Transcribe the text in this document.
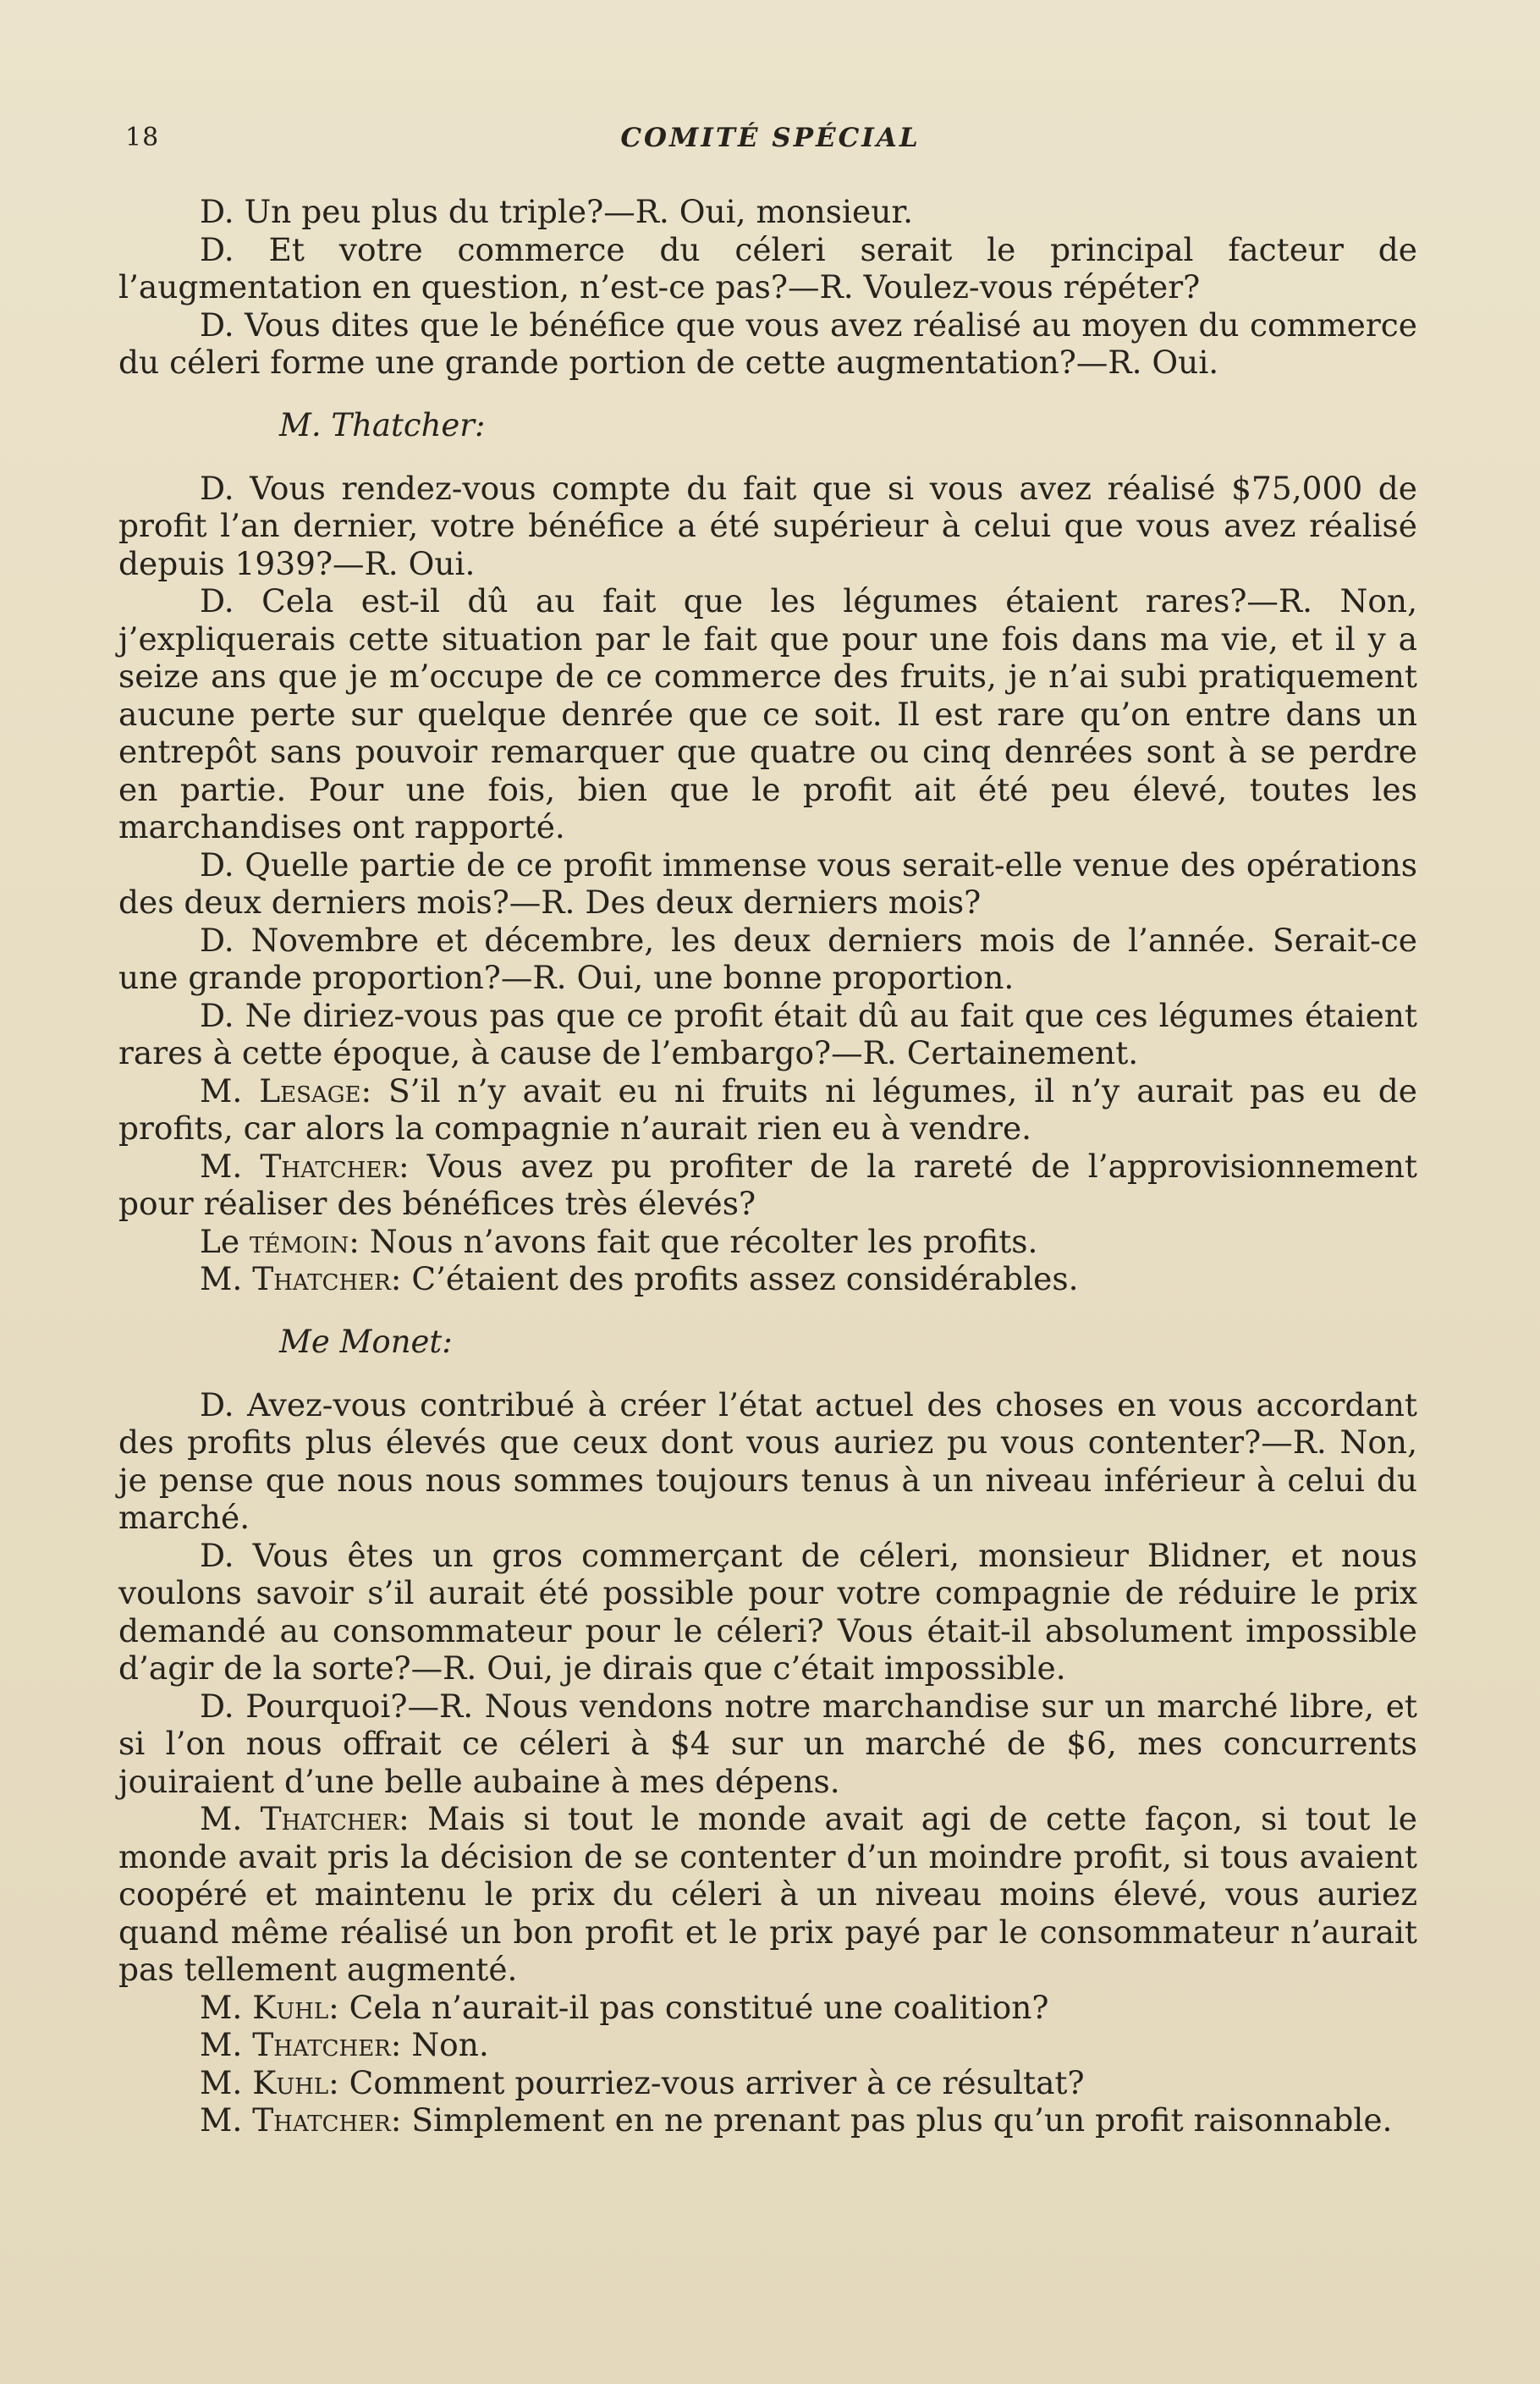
18	COMITÉ SPÉCIAL

D. Un peu plus du triple?—R. Oui, monsieur.

D. Et votre commerce du céleri serait le principal facteur de l’augmentation en question, n’est-ce pas?—R. Voulez-vous répéter?

D. Vous dites que le bénéfice que vous avez réalisé au moyen du commerce du céleri forme une grande portion de cette augmentation?—R. Oui.

M. Thatcher:

D. Vous rendez-vous compte du fait que si vous avez réalisé $75,000 de profit l’an dernier, votre bénéfice a été supérieur à celui que vous avez réalisé depuis 1939?—R. Oui.

D. Cela est-il dû au fait que les légumes étaient rares?—R. Non, j’expliquerais cette situation par le fait que pour une fois dans ma vie, et il y a seize ans que je m’occupe de ce commerce des fruits, je n’ai subi pratiquement aucune perte sur quelque denrée que ce soit. Il est rare qu’on entre dans un entrepôt sans pouvoir remarquer que quatre ou cinq denrées sont à se perdre en partie. Pour une fois, bien que le profit ait été peu élevé, toutes les marchandises ont rapporté.

D. Quelle partie de ce profit immense vous serait-elle venue des opérations des deux derniers mois?—R. Des deux derniers mois?

D. Novembre et décembre, les deux derniers mois de l’année. Serait-ce une grande proportion?—R. Oui, une bonne proportion.

D. Ne diriez-vous pas que ce profit était dû au fait que ces légumes étaient rares à cette époque, à cause de l’embargo?—R. Certainement.

M. Lesage: S’il n’y avait eu ni fruits ni légumes, il n’y aurait pas eu de profits, car alors la compagnie n’aurait rien eu à vendre.

M. Thatcher: Vous avez pu profiter de la rareté de l’approvisionnement pour réaliser des bénéfices très élevés?

Le témoin: Nous n’avons fait que récolter les profits.

M. Thatcher: C’étaient des profits assez considérables.

Me Monet:

D. Avez-vous contribué à créer l’état actuel des choses en vous accordant des profits plus élevés que ceux dont vous auriez pu vous contenter?—R. Non, je pense que nous nous sommes toujours tenus à un niveau inférieur à celui du marché.

D. Vous êtes un gros commerçant de céleri, monsieur Blidner, et nous voulons savoir s’il aurait été possible pour votre compagnie de réduire le prix demandé au consommateur pour le céleri? Vous était-il absolument impossible d’agir de la sorte?—R. Oui, je dirais que c’était impossible.

D. Pourquoi?—R. Nous vendons notre marchandise sur un marché libre, et si l’on nous offrait ce céleri à $4 sur un marché de $6, mes concurrents jouiraient d’une belle aubaine à mes dépens.

M. Thatcher: Mais si tout le monde avait agi de cette façon, si tout le monde avait pris la décision de se contenter d’un moindre profit, si tous avaient coopéré et maintenu le prix du céleri à un niveau moins élevé, vous auriez quand même réalisé un bon profit et le prix payé par le consommateur n’aurait pas tellement augmenté.

M. Kuhl: Cela n’aurait-il pas constitué une coalition?

M. Thatcher: Non.

M. Kuhl: Comment pourriez-vous arriver à ce résultat?

M. Thatcher: Simplement en ne prenant pas plus qu’un profit raisonnable.
